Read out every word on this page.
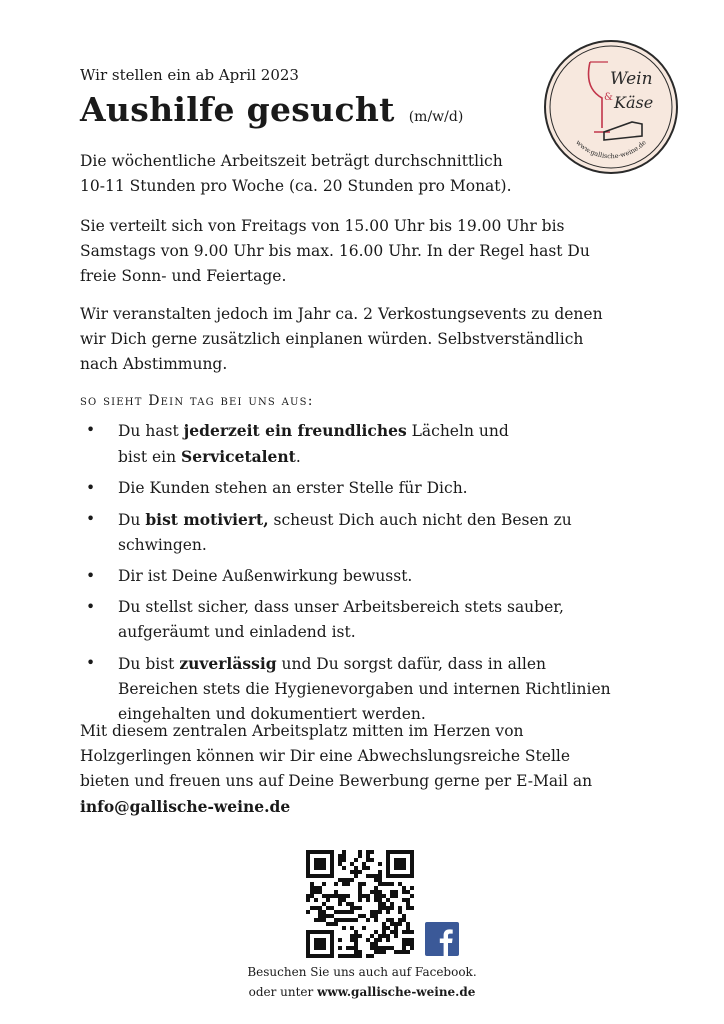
Wir stellen ein ab April 2023
Aushilfe gesucht (m/w/d)
Wein
& Käse
www.gallische-weine.de

Die wöchentliche Arbeitszeit beträgt durchschnittlich
10-11 Stunden pro Woche (ca. 20 Stunden pro Monat).

Sie verteilt sich von Freitags von 15.00 Uhr bis 19.00 Uhr bis
Samstags von 9.00 Uhr bis max. 16.00 Uhr. In der Regel hast Du
freie Sonn- und Feiertage.

Wir veranstalten jedoch im Jahr ca. 2 Verkostungsevents zu denen
wir Dich gerne zusätzlich einplanen würden. Selbstverständlich
nach Abstimmung.

so sieht Dein tag bei uns aus:
• Du hast jederzeit ein freundliches Lächeln und
bist ein Servicetalent.
• Die Kunden stehen an erster Stelle für Dich.
• Du bist motiviert, scheust Dich auch nicht den Besen zu
schwingen.
• Dir ist Deine Außenwirkung bewusst.
• Du stellst sicher, dass unser Arbeitsbereich stets sauber,
aufgeräumt und einladend ist.
• Du bist zuverlässig und Du sorgst dafür, dass in allen
Bereichen stets die Hygienevorgaben und internen Richtlinien
eingehalten und dokumentiert werden.

Mit diesem zentralen Arbeitsplatz mitten im Herzen von
Holzgerlingen können wir Dir eine Abwechslungsreiche Stelle
bieten und freuen uns auf Deine Bewerbung gerne per E-Mail an
info@gallische-weine.de

Besuchen Sie uns auch auf Facebook.
oder unter www.gallische-weine.de
